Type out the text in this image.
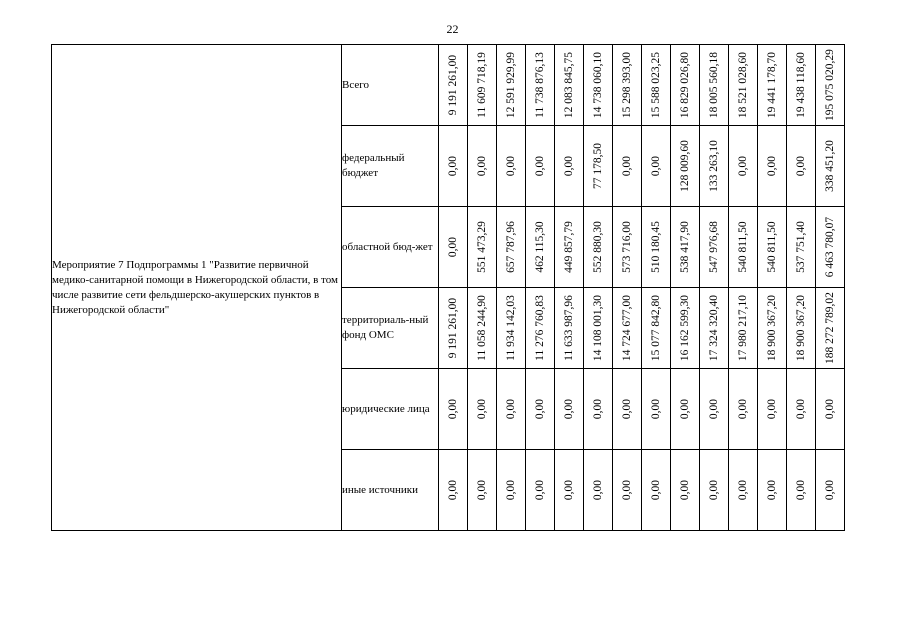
22
Мероприятие 7 Подпрограммы 1 "Развитие первичной медико-санитарной помощи в Нижегородской области, в том числе развитие сети фельдшерско-акушерских пунктов в Нижегородской области"	Всего	9 191 261,00	11 609 718,19	12 591 929,99	11 738 876,13	12 083 845,75	14 738 060,10	15 298 393,00	15 588 023,25	16 829 026,80	18 005 560,18	18 521 028,60	19 441 178,70	19 438 118,60	195 075 020,29

	федеральный бюджет	0,00	0,00	0,00	0,00	0,00	77 178,50	0,00	0,00	128 009,60	133 263,10	0,00	0,00	0,00	338 451,20

	областной бюд-жет	0,00	551 473,29	657 787,96	462 115,30	449 857,79	552 880,30	573 716,00	510 180,45	538 417,90	547 976,68	540 811,50	540 811,50	537 751,40	6 463 780,07

	территориаль-ный фонд ОМС	9 191 261,00	11 058 244,90	11 934 142,03	11 276 760,83	11 633 987,96	14 108 001,30	14 724 677,00	15 077 842,80	16 162 599,30	17 324 320,40	17 980 217,10	18 900 367,20	18 900 367,20	188 272 789,02

	юридические лица	0,00	0,00	0,00	0,00	0,00	0,00	0,00	0,00	0,00	0,00	0,00	0,00	0,00	0,00

	иные источники	0,00	0,00	0,00	0,00	0,00	0,00	0,00	0,00	0,00	0,00	0,00	0,00	0,00	0,00
